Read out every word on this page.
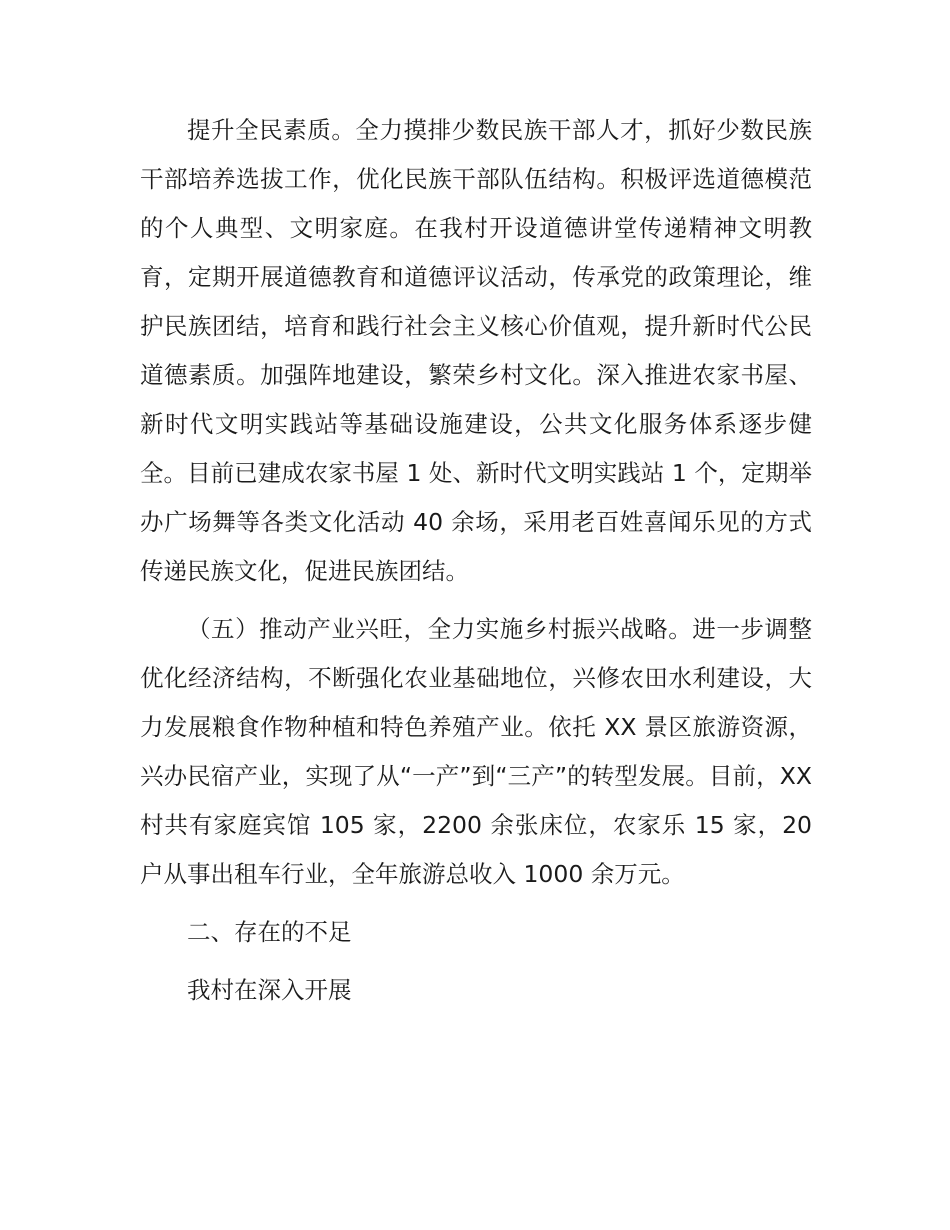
提升全民素质。全力摸排少数民族干部人才，抓好少数民族干部培养选拔工作，优化民族干部队伍结构。积极评选道德模范的个人典型、文明家庭。在我村开设道德讲堂传递精神文明教育，定期开展道德教育和道德评议活动，传承党的政策理论，维护民族团结，培育和践行社会主义核心价值观，提升新时代公民道德素质。加强阵地建设，繁荣乡村文化。深入推进农家书屋、新时代文明实践站等基础设施建设，公共文化服务体系逐步健全。目前已建成农家书屋 1 处、新时代文明实践站 1 个，定期举办广场舞等各类文化活动 40 余场，采用老百姓喜闻乐见的方式传递民族文化，促进民族团结。

（五）推动产业兴旺，全力实施乡村振兴战略。进一步调整优化经济结构，不断强化农业基础地位，兴修农田水利建设，大力发展粮食作物种植和特色养殖产业。依托 XX 景区旅游资源，兴办民宿产业，实现了从“一产”到“三产”的转型发展。目前，XX 村共有家庭宾馆 105 家，2200 余张床位，农家乐 15 家，20 户从事出租车行业，全年旅游总收入 1000 余万元。

二、存在的不足

我村在深入开展
